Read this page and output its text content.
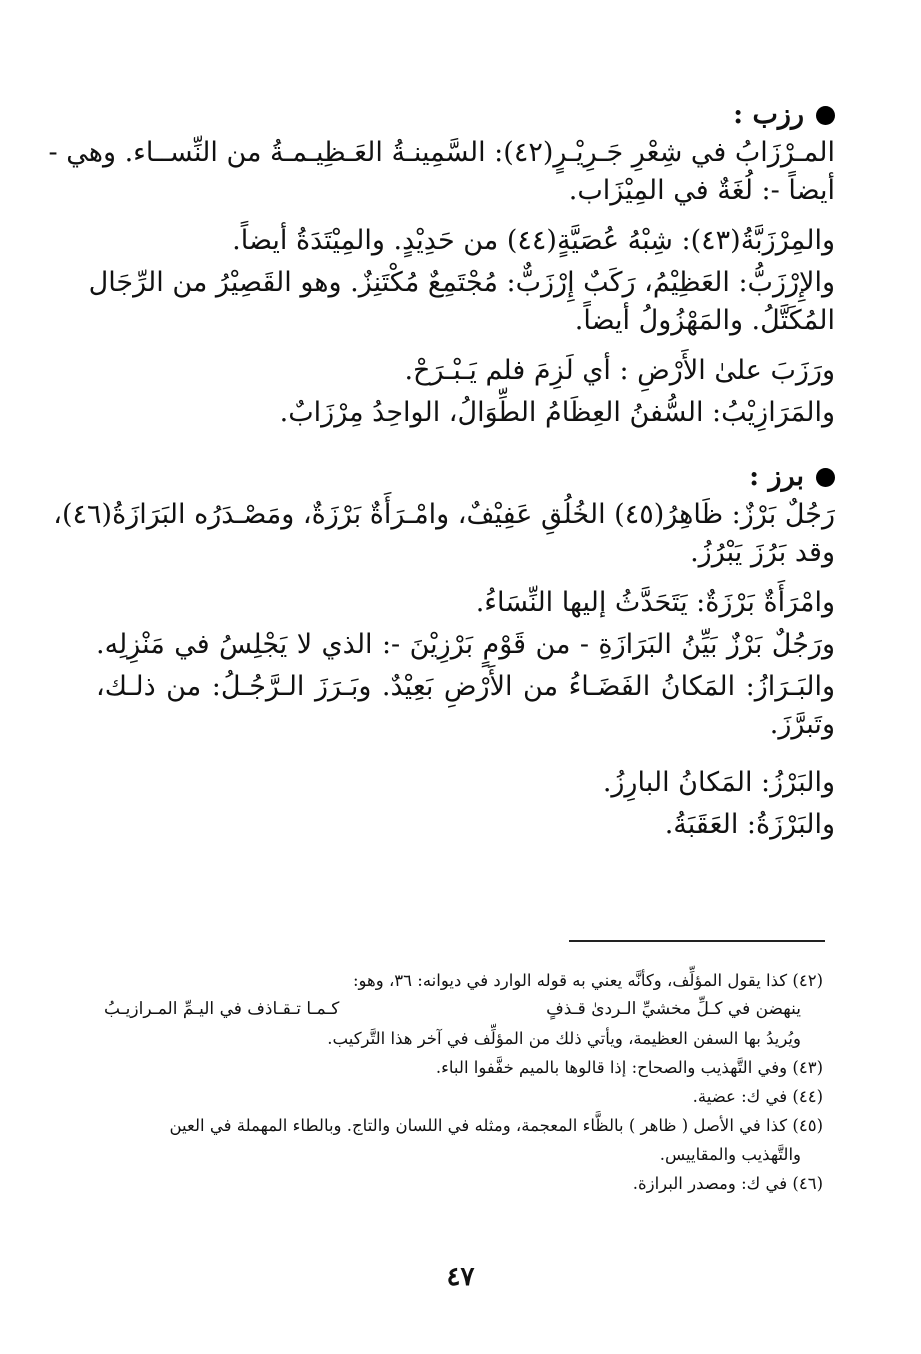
رزب :
المـرْزَابُ في شِعْرِ جَـرِيْـرٍ(٤٢): السَّمِينـةُ العَـظِيـمـةُ من النِّســاء. وهي -
أيضاً -: لُغَةٌ في المِيْزَاب.
والمِرْزَبَّةُ(٤٣): شِبْهُ عُصَيَّةٍ(٤٤) من حَدِيْدٍ. والمِيْتَدَةُ أيضاً.
والإِرْزَبُّ: العَظِيْمُ، رَكَبٌ إِرْزَبٌّ: مُجْتَمِعٌ مُكْتَنِزٌ. وهو القَصِيْرُ من الرِّجَال
المُكَتَّلُ. والمَهْزُولُ أيضاً.
ورَزَبَ علىٰ الأَرْضِ : أي لَزِمَ فلم يَـبْـرَحْ.
والمَرَازِيْبُ: السُّفنُ العِظَامُ الطِّوَالُ، الواحِدُ مِرْزَابٌ.
برز :
رَجُلٌ بَرْزٌ: ظَاهِرُ(٤٥) الخُلُقِ عَفِيْفٌ، وامْـرَأَةٌ بَرْزَةٌ، ومَصْـدَرُه البَرَازَةُ(٤٦)،
وقد بَرُزَ يَبْرُزُ.
وامْرَأَةٌ بَرْزَةٌ: يَتَحَدَّثُ إليها النِّسَاءُ.
ورَجُلٌ بَرْزٌ بَيِّنُ البَرَازَةِ - من قَوْمٍ بَرْزِيْنَ -: الذي لا يَجْلِسُ في مَنْزِلِه.
والبَـرَازُ: المَكانُ الفَضَـاءُ من الأَرْضِ بَعِيْدٌ. وبَـرَزَ الـرَّجُـلُ: من ذلـك،
وتَبرَّزَ.
والبَرْزُ: المَكانُ البارِزُ.
والبَرْزَةُ: العَقَبَةُ.
(٤٢) كذا يقول المؤلِّف، وكأنَّه يعني به قوله الوارد في ديوانه: ٣٦، وهو:
ينهضن في كـلِّ مخشيِّ الـردىٰ قـذفٍ
كـمـا تـقـاذف في اليـمِّ المـرازيـبُ
ويُريدُ بها السفن العظيمة، ويأتي ذلك من المؤلِّف في آخر هذا التَّركيب.
(٤٣) وفي التَّهذيب والصحاح: إذا قالوها بالميم خفَّفوا الباء.
(٤٤) في ك: عضية.
(٤٥) كذا في الأصل ( ظاهر ) بالظَّاء المعجمة، ومثله في اللسان والتاج. وبالطاء المهملة في العين
والتَّهذيب والمقاييس.
(٤٦) في ك: ومصدر البرازة.
٤٧
